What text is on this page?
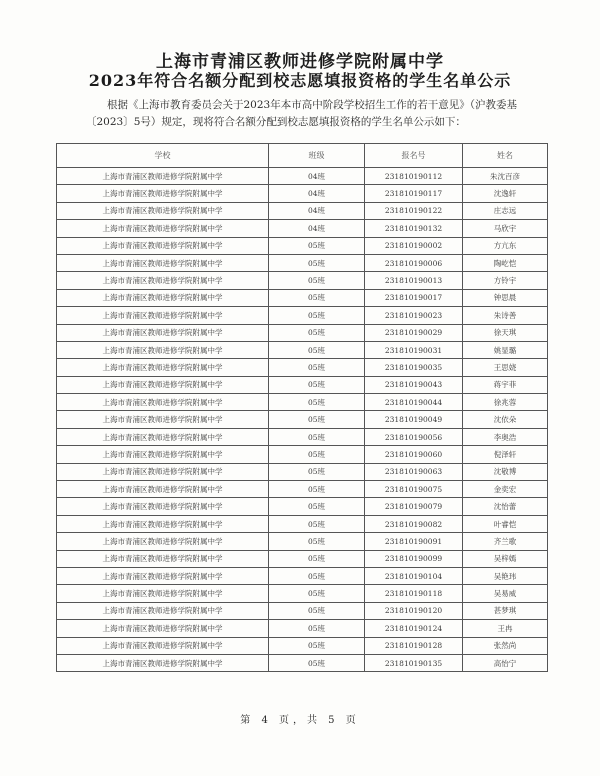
上海市青浦区教师进修学院附属中学
2023年符合名额分配到校志愿填报资格的学生名单公示

根据《上海市教育委员会关于2023年本市高中阶段学校招生工作的若干意见》（沪教委基〔2023〕5号）规定，现将符合名额分配到校志愿填报资格的学生名单公示如下：

学校	班级	报名号	姓名
上海市青浦区教师进修学院附属中学	04班	231810190112	朱沈百彦
上海市青浦区教师进修学院附属中学	04班	231810190117	沈逸轩
上海市青浦区教师进修学院附属中学	04班	231810190122	庄志远
上海市青浦区教师进修学院附属中学	04班	231810190132	马欣宇
上海市青浦区教师进修学院附属中学	05班	231810190002	方亢东
上海市青浦区教师进修学院附属中学	05班	231810190006	陶屹恺
上海市青浦区教师进修学院附属中学	05班	231810190013	方铃宇
上海市青浦区教师进修学院附属中学	05班	231810190017	钟思晨
上海市青浦区教师进修学院附属中学	05班	231810190023	朱诗善
上海市青浦区教师进修学院附属中学	05班	231810190029	徐天琪
上海市青浦区教师进修学院附属中学	05班	231810190031	姚显璐
上海市青浦区教师进修学院附属中学	05班	231810190035	王思娆
上海市青浦区教师进修学院附属中学	05班	231810190043	蒋宇菲
上海市青浦区教师进修学院附属中学	05班	231810190044	徐兆蓉
上海市青浦区教师进修学院附属中学	05班	231810190049	沈依朵
上海市青浦区教师进修学院附属中学	05班	231810190056	李奥浩
上海市青浦区教师进修学院附属中学	05班	231810190060	倪泽轩
上海市青浦区教师进修学院附属中学	05班	231810190063	沈敬博
上海市青浦区教师进修学院附属中学	05班	231810190075	金奕宏
上海市青浦区教师进修学院附属中学	05班	231810190079	沈怡蕾
上海市青浦区教师进修学院附属中学	05班	231810190082	叶睿恺
上海市青浦区教师进修学院附属中学	05班	231810190091	齐兰歌
上海市青浦区教师进修学院附属中学	05班	231810190099	吴梓嫣
上海市青浦区教师进修学院附属中学	05班	231810190104	吴艳玮
上海市青浦区教师进修学院附属中学	05班	231810190118	吴易威
上海市青浦区教师进修学院附属中学	05班	231810190120	甚梦琪
上海市青浦区教师进修学院附属中学	05班	231810190124	王冉
上海市青浦区教师进修学院附属中学	05班	231810190128	张然尚
上海市青浦区教师进修学院附属中学	05班	231810190135	高怡宁
第 4 页，共 5 页
